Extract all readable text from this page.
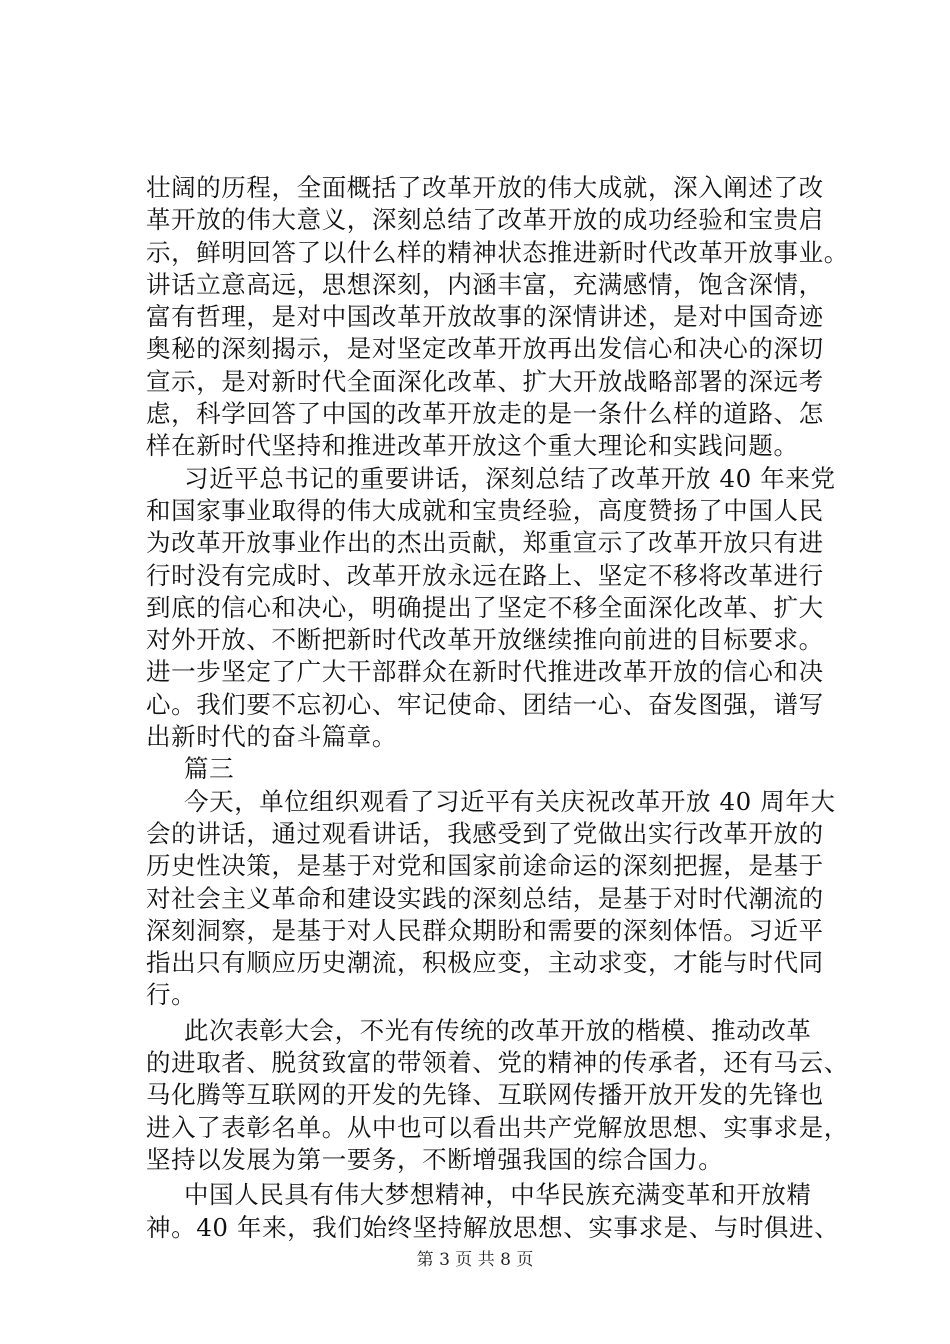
壮阔的历程，全面概括了改革开放的伟大成就，深入阐述了改
革开放的伟大意义，深刻总结了改革开放的成功经验和宝贵启
示，鲜明回答了以什么样的精神状态推进新时代改革开放事业。
讲话立意高远，思想深刻，内涵丰富，充满感情，饱含深情，
富有哲理，是对中国改革开放故事的深情讲述，是对中国奇迹
奥秘的深刻揭示，是对坚定改革开放再出发信心和决心的深切
宣示，是对新时代全面深化改革、扩大开放战略部署的深远考
虑，科学回答了中国的改革开放走的是一条什么样的道路、怎
样在新时代坚持和推进改革开放这个重大理论和实践问题。
习近平总书记的重要讲话，深刻总结了改革开放 40 年来党
和国家事业取得的伟大成就和宝贵经验，高度赞扬了中国人民
为改革开放事业作出的杰出贡献，郑重宣示了改革开放只有进
行时没有完成时、改革开放永远在路上、坚定不移将改革进行
到底的信心和决心，明确提出了坚定不移全面深化改革、扩大
对外开放、不断把新时代改革开放继续推向前进的目标要求。
进一步坚定了广大干部群众在新时代推进改革开放的信心和决
心。我们要不忘初心、牢记使命、团结一心、奋发图强，谱写
出新时代的奋斗篇章。
篇三
今天，单位组织观看了习近平有关庆祝改革开放 40 周年大
会的讲话，通过观看讲话，我感受到了党做出实行改革开放的
历史性决策，是基于对党和国家前途命运的深刻把握，是基于
对社会主义革命和建设实践的深刻总结，是基于对时代潮流的
深刻洞察，是基于对人民群众期盼和需要的深刻体悟。习近平
指出只有顺应历史潮流，积极应变，主动求变，才能与时代同
行。
此次表彰大会，不光有传统的改革开放的楷模、推动改革
的进取者、脱贫致富的带领着、党的精神的传承者，还有马云、
马化腾等互联网的开发的先锋、互联网传播开放开发的先锋也
进入了表彰名单。从中也可以看出共产党解放思想、实事求是，
坚持以发展为第一要务，不断增强我国的综合国力。
中国人民具有伟大梦想精神，中华民族充满变革和开放精
神。40 年来，我们始终坚持解放思想、实事求是、与时俱进、
第 3 页 共 8 页
